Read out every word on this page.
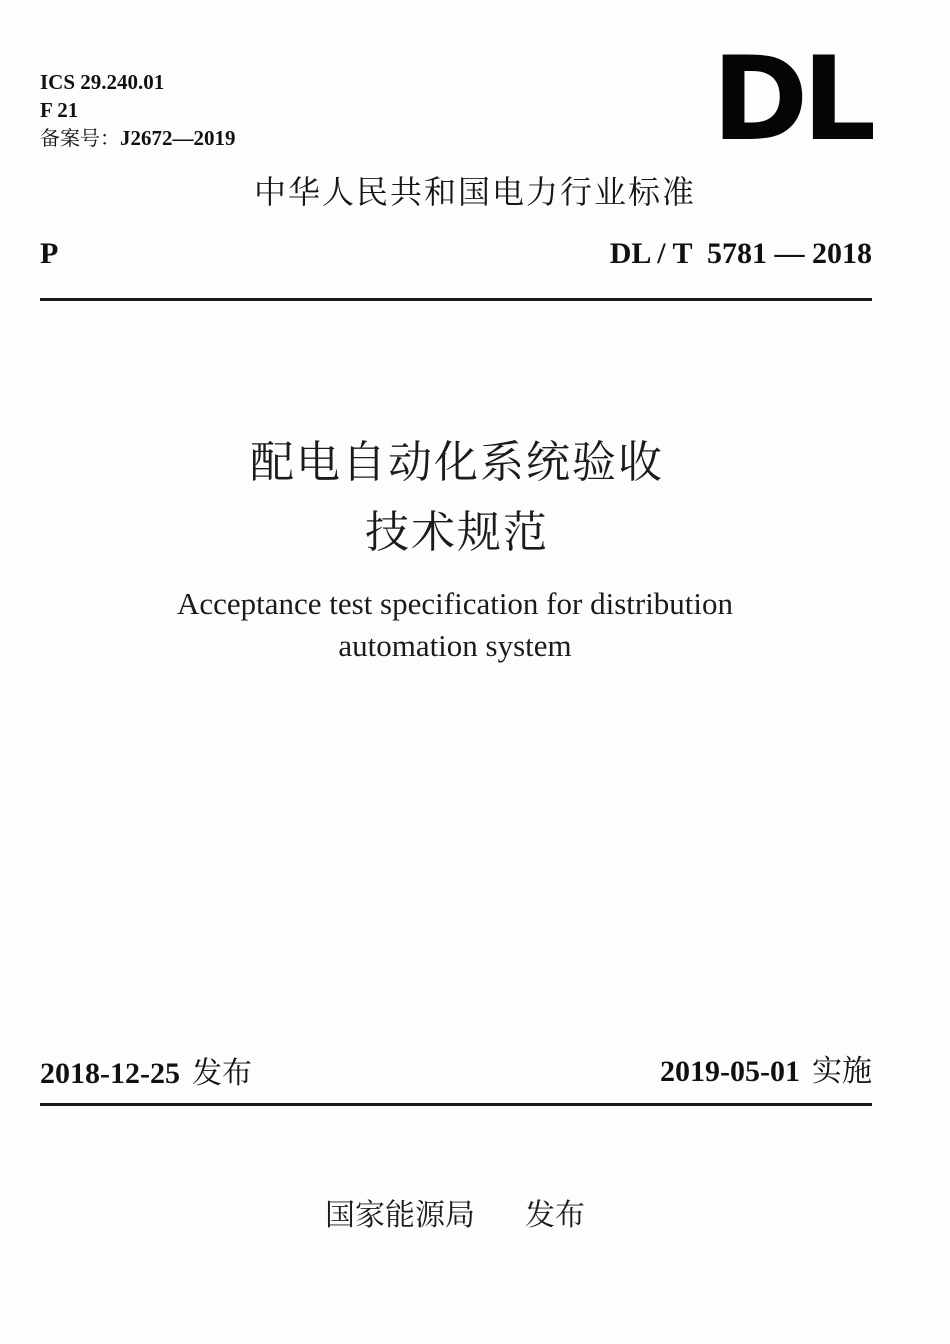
ICS 29.240.01
F 21
备案号：J2672—2019	DL
中华人民共和国电力行业标准
P	DL / T  5781 — 2018
配电自动化系统验收
技术规范
Acceptance test specification for distribution
automation system
2018-12-25 发布	2019-05-01 实施
国家能源局 发布
